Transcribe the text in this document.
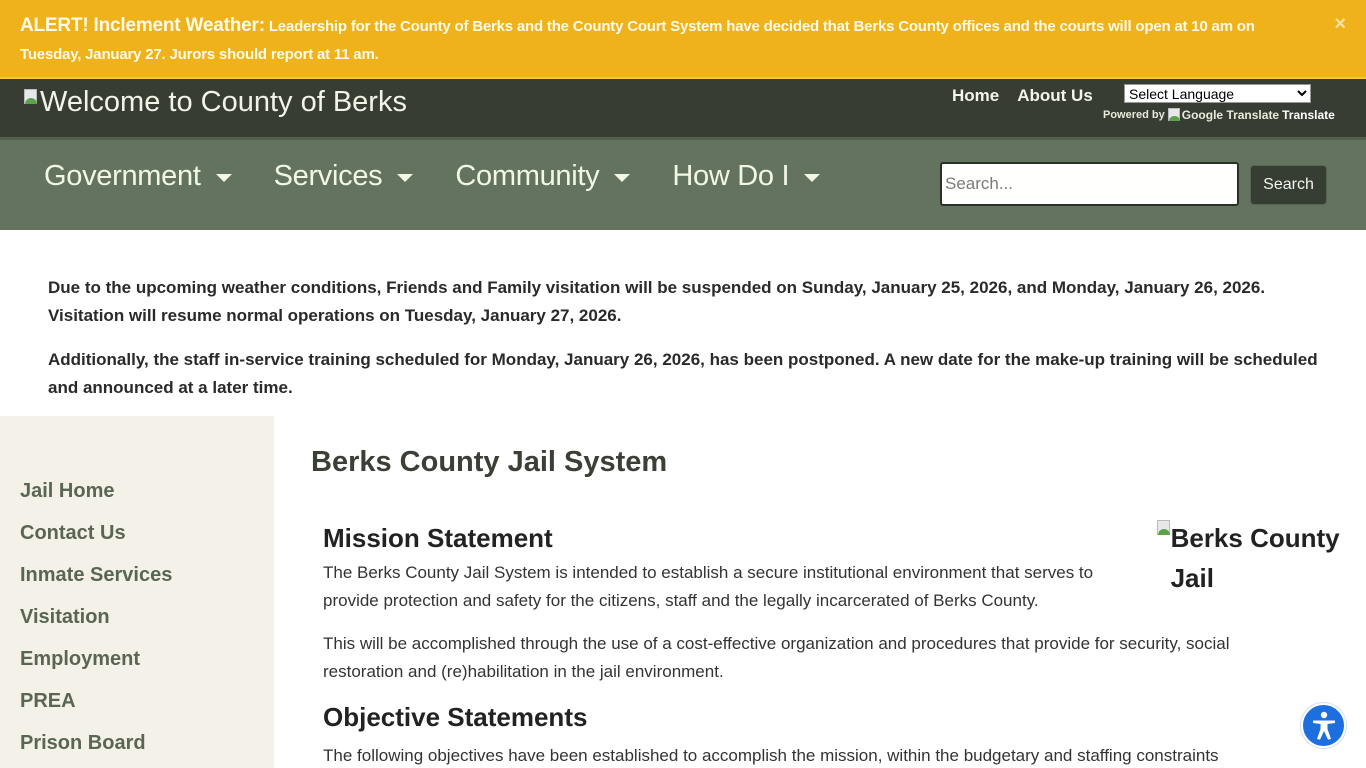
ALERT! Inclement Weather: Leadership for the County of Berks and the County Court System have decided that Berks County offices and the courts will open at 10 am on Tuesday, January 27. Jurors should report at 11 am.
×
Welcome to County of Berks	Home About Us
Select Language
Powered by Google Translate Translate
Government	Services	Community	How Do I
Search...	Search

Due to the upcoming weather conditions, Friends and Family visitation will be suspended on Sunday, January 25, 2026, and Monday, January 26, 2026. Visitation will resume normal operations on Tuesday, January 27, 2026.

Additionally, the staff in-service training scheduled for Monday, January 26, 2026, has been postponed. A new date for the make-up training will be scheduled and announced at a later time.

Jail Home
Contact Us
Inmate Services
Visitation
Employment
PREA
Prison Board
Berks County Jail System
Berks County Jail
Mission Statement

The Berks County Jail System is intended to establish a secure institutional environment that serves to provide protection and safety for the citizens, staff and the legally incarcerated of Berks County.

This will be accomplished through the use of a cost-effective organization and procedures that provide for security, social restoration and (re)habilitation in the jail environment.

Objective Statements

The following objectives have been established to accomplish the mission, within the budgetary and staffing constraints
